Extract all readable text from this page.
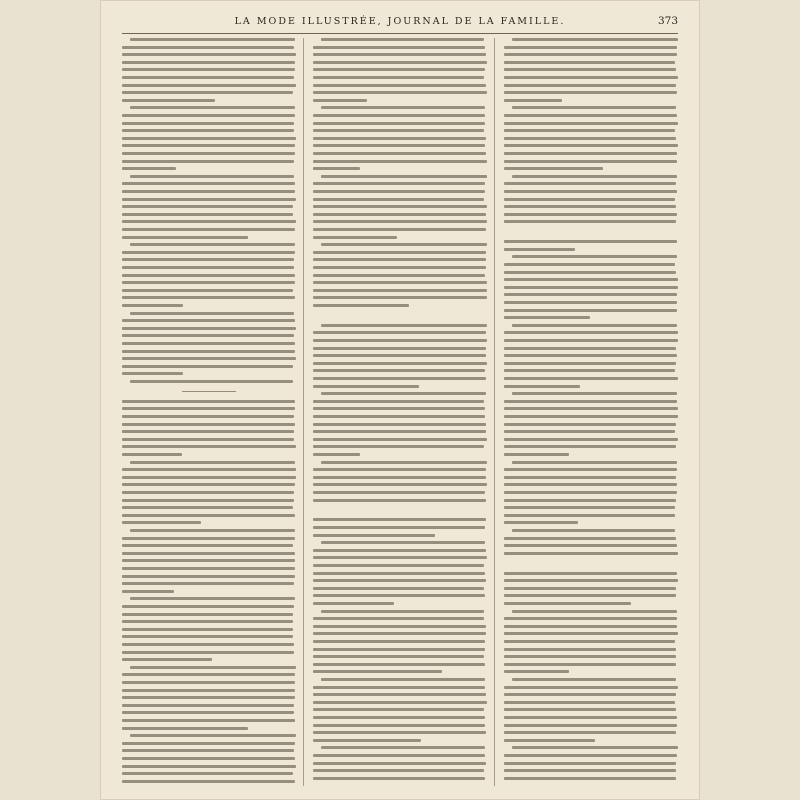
LA MODE ILLUSTRÉE, JOURNAL DE LA FAMILLE.	373
